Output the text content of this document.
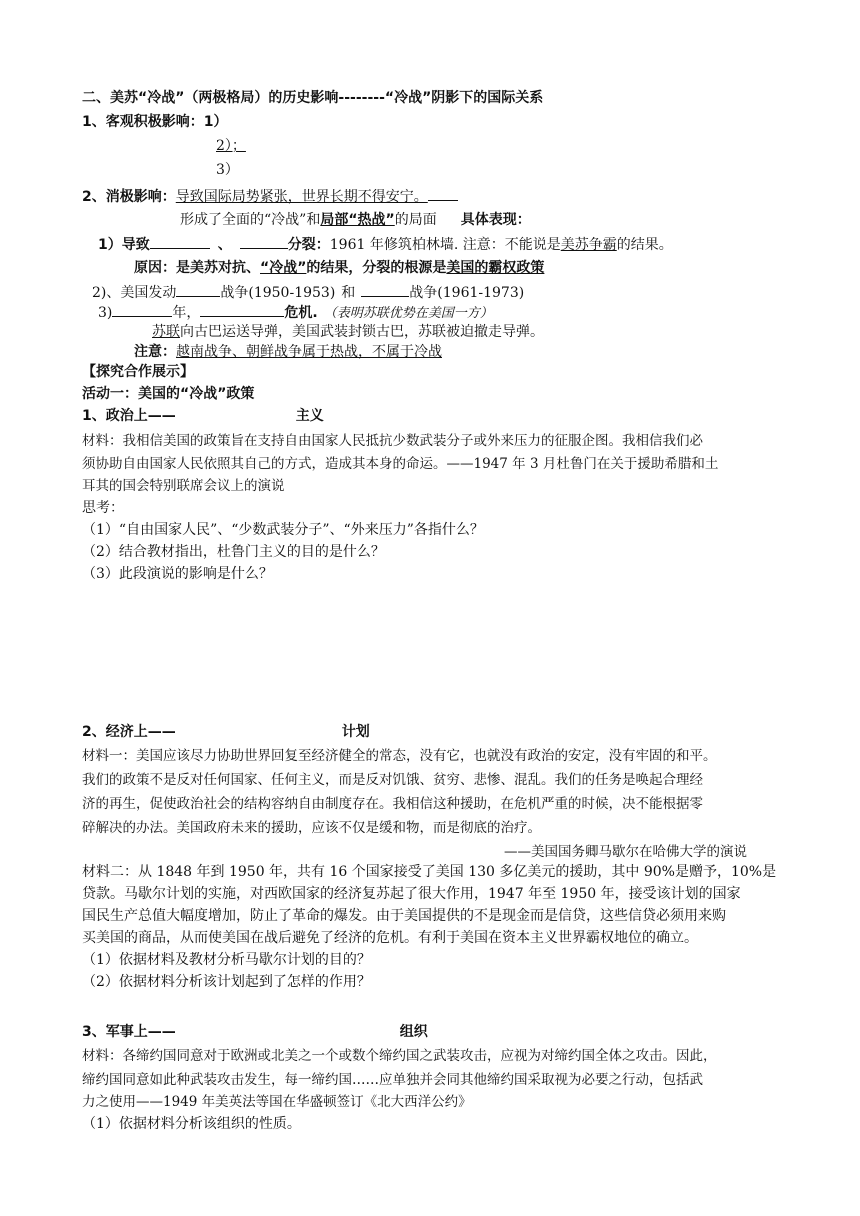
二、美苏“冷战”（两极格局）的历史影响--------“冷战”阴影下的国际关系
1、客观积极影响：1）
2）；
3）
2、消极影响：导致国际局势紧张，世界长期不得安宁。
形成了全面的“冷战”和局部“热战”的局面 具体表现：
1）导致	、	分裂：1961 年修筑柏林墙. 注意：不能说是美苏争霸的结果。
原因：是美苏对抗、“冷战”的结果，分裂的根源是美国的霸权政策
2)、美国发动	战争(1950-1953) 和	战争(1961-1973)
3)	年，	危机. （表明苏联优势在美国一方）
苏联向古巴运送导弹，美国武装封锁古巴，苏联被迫撤走导弹。
注意：越南战争、朝鲜战争属于热战，不属于冷战
【探究合作展示】
活动一：美国的“冷战”政策
1、政治上——	主义
材料：我相信美国的政策旨在支持自由国家人民抵抗少数武装分子或外来压力的征服企图。我相信我们必
须协助自由国家人民依照其自己的方式，造成其本身的命运。——1947 年 3 月杜鲁门在关于援助希腊和土
耳其的国会特别联席会议上的演说
思考：
（1）“自由国家人民”、“少数武装分子”、“外来压力”各指什么？
（2）结合教材指出，杜鲁门主义的目的是什么？
（3）此段演说的影响是什么？
2、经济上——	计划
材料一：美国应该尽力协助世界回复至经济健全的常态，没有它，也就没有政治的安定，没有牢固的和平。
我们的政策不是反对任何国家、任何主义，而是反对饥饿、贫穷、悲惨、混乱。我们的任务是唤起合理经
济的再生，促使政治社会的结构容纳自由制度存在。我相信这种援助，在危机严重的时候，决不能根据零
碎解决的办法。美国政府未来的援助，应该不仅是缓和物，而是彻底的治疗。
——美国国务卿马歇尔在哈佛大学的演说
材料二：从 1848 年到 1950 年，共有 16 个国家接受了美国 130 多亿美元的援助，其中 90%是赠予，10%是
贷款。马歇尔计划的实施，对西欧国家的经济复苏起了很大作用，1947 年至 1950 年，接受该计划的国家
国民生产总值大幅度增加，防止了革命的爆发。由于美国提供的不是现金而是信贷，这些信贷必须用来购
买美国的商品，从而使美国在战后避免了经济的危机。有利于美国在资本主义世界霸权地位的确立。
（1）依据材料及教材分析马歇尔计划的目的？
（2）依据材料分析该计划起到了怎样的作用？
3、军事上——	组织
材料：各缔约国同意对于欧洲或北美之一个或数个缔约国之武装攻击，应视为对缔约国全体之攻击。因此，
缔约国同意如此种武装攻击发生，每一缔约国……应单独并会同其他缔约国采取视为必要之行动，包括武
力之使用——1949 年美英法等国在华盛顿签订《北大西洋公约》
（1）依据材料分析该组织的性质。
